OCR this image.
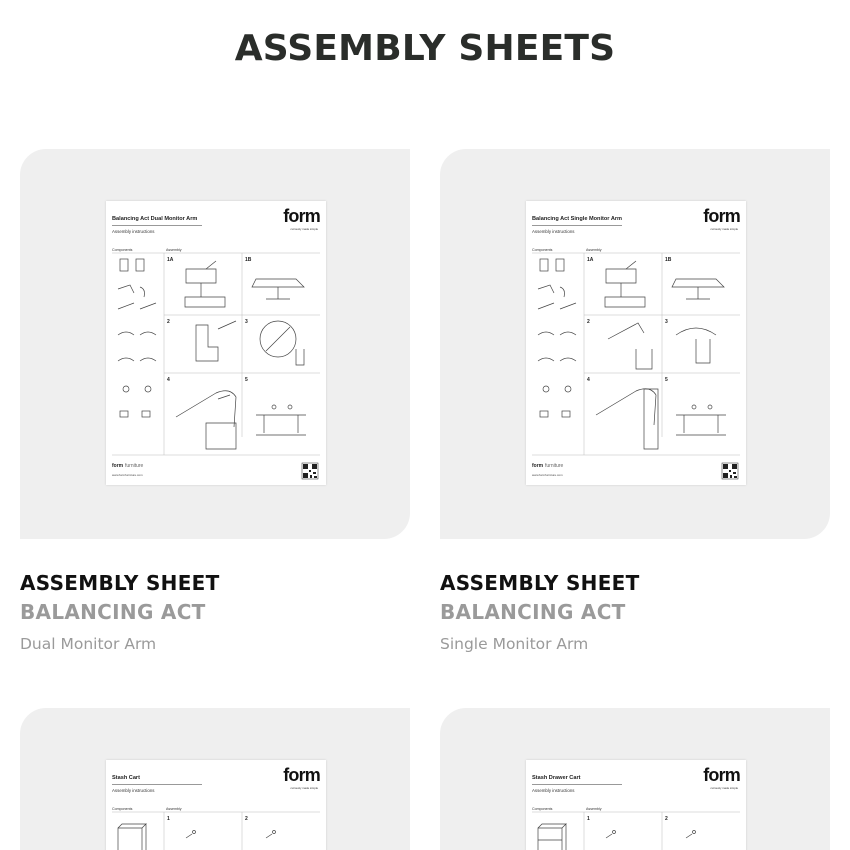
ASSEMBLY SHEETS
Balancing Act Dual Monitor Arm
Assembly instructions
form
curiously made simple
Components	Assembly
1A	1B
2	3
4	5
form furniture
www.formfurniture.com
ASSEMBLY SHEET
BALANCING ACT
Dual Monitor Arm
Balancing Act Single Monitor Arm
Assembly instructions
form
curiously made simple
Components	Assembly
1A	1B
2	3
4	5
form furniture
www.formfurniture.com
ASSEMBLY SHEET
BALANCING ACT
Single Monitor Arm
Stash Cart
Assembly instructions
form
curiously made simple
Components	Assembly
1	2
Stash Drawer Cart
Assembly instructions
form
curiously made simple
Components	Assembly
1	2
